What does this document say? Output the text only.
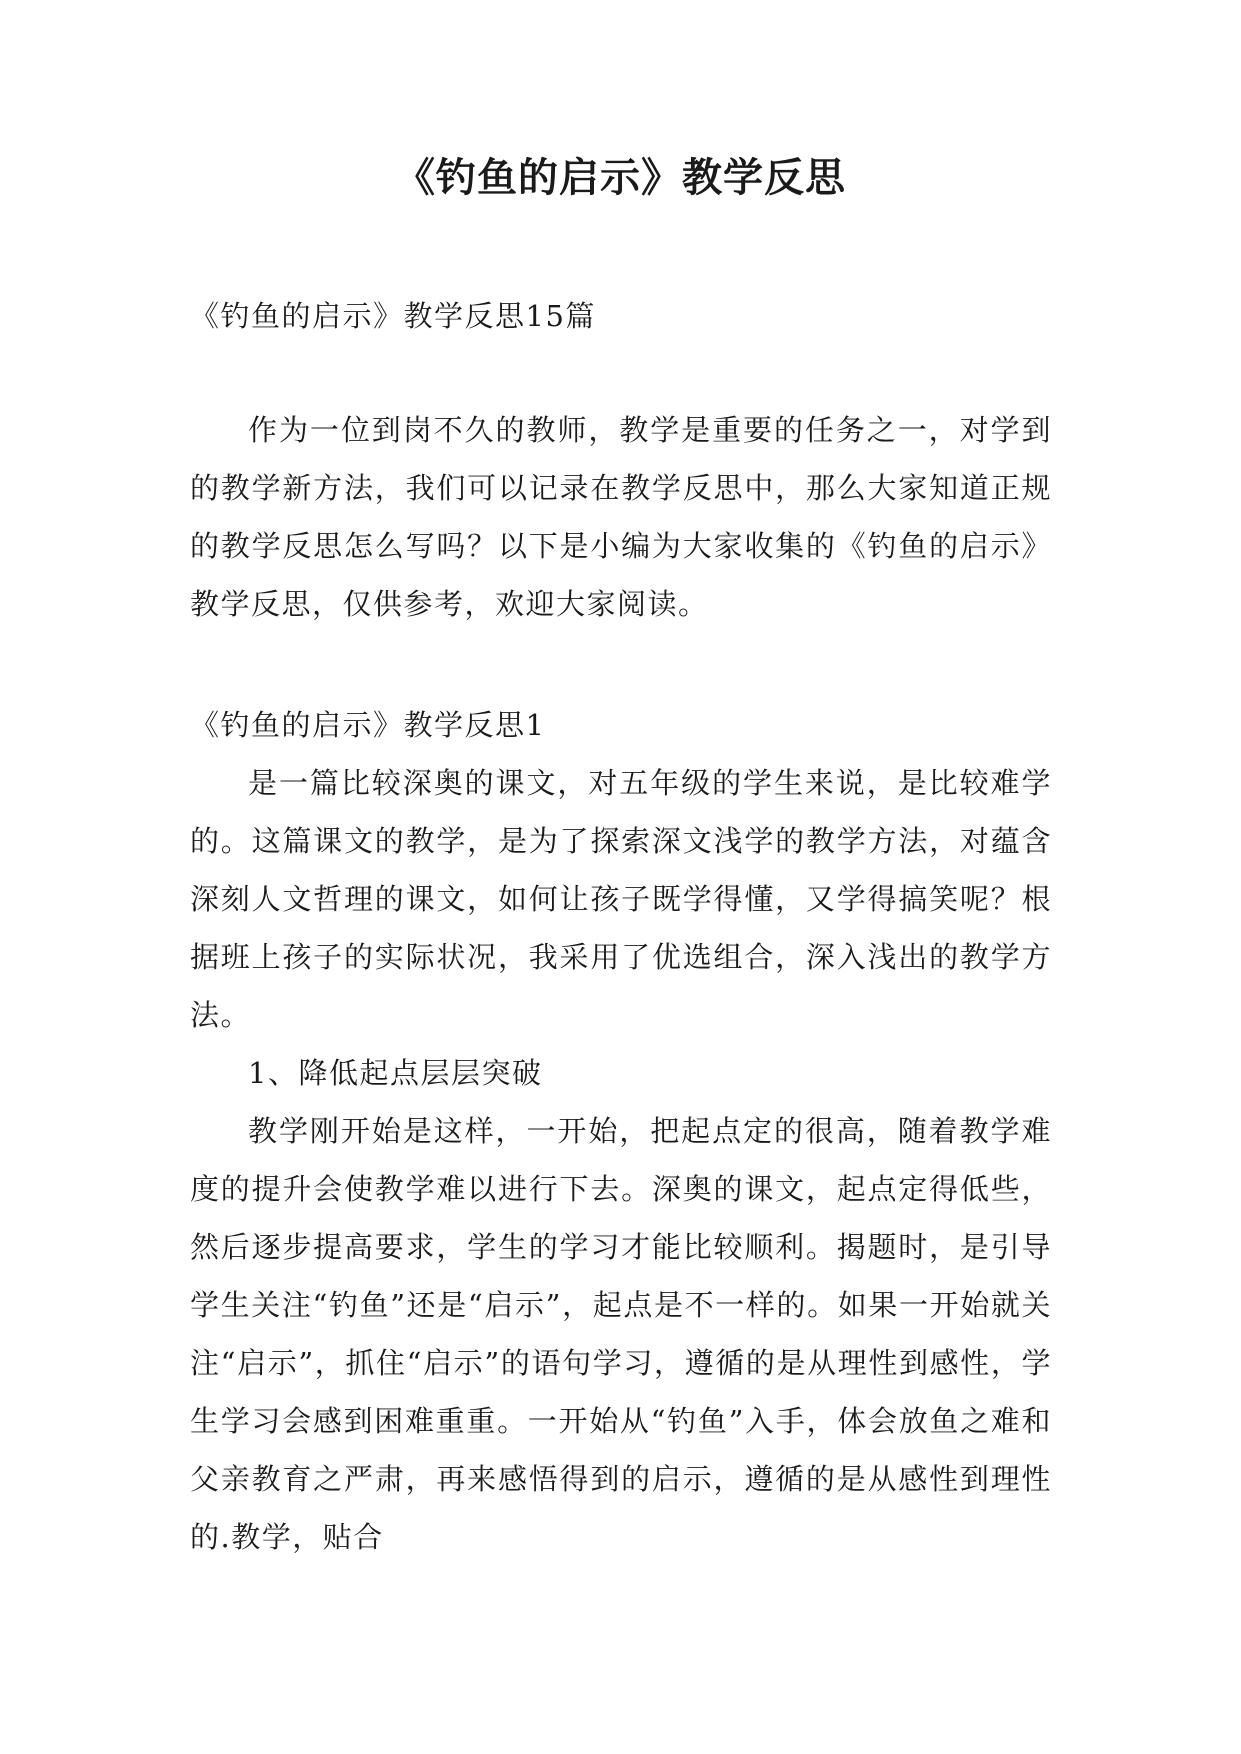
《钓鱼的启示》教学反思
《钓鱼的启示》教学反思15篇
作为一位到岗不久的教师，教学是重要的任务之一，对学到的教学新方法，我们可以记录在教学反思中，那么大家知道正规的教学反思怎么写吗？以下是小编为大家收集的《钓鱼的启示》教学反思，仅供参考，欢迎大家阅读。
《钓鱼的启示》教学反思1

是一篇比较深奥的课文，对五年级的学生来说，是比较难学的。这篇课文的教学，是为了探索深文浅学的教学方法，对蕴含深刻人文哲理的课文，如何让孩子既学得懂，又学得搞笑呢？根据班上孩子的实际状况，我采用了优选组合，深入浅出的教学方法。

1、降低起点层层突破

教学刚开始是这样，一开始，把起点定的很高，随着教学难度的提升会使教学难以进行下去。深奥的课文，起点定得低些，然后逐步提高要求，学生的学习才能比较顺利。揭题时，是引导学生关注“钓鱼”还是“启示”，起点是不一样的。如果一开始就关注“启示”，抓住“启示”的语句学习，遵循的是从理性到感性，学生学习会感到困难重重。一开始从“钓鱼”入手，体会放鱼之难和父亲教育之严肃，再来感悟得到的启示，遵循的是从感性到理性的.教学，贴合
